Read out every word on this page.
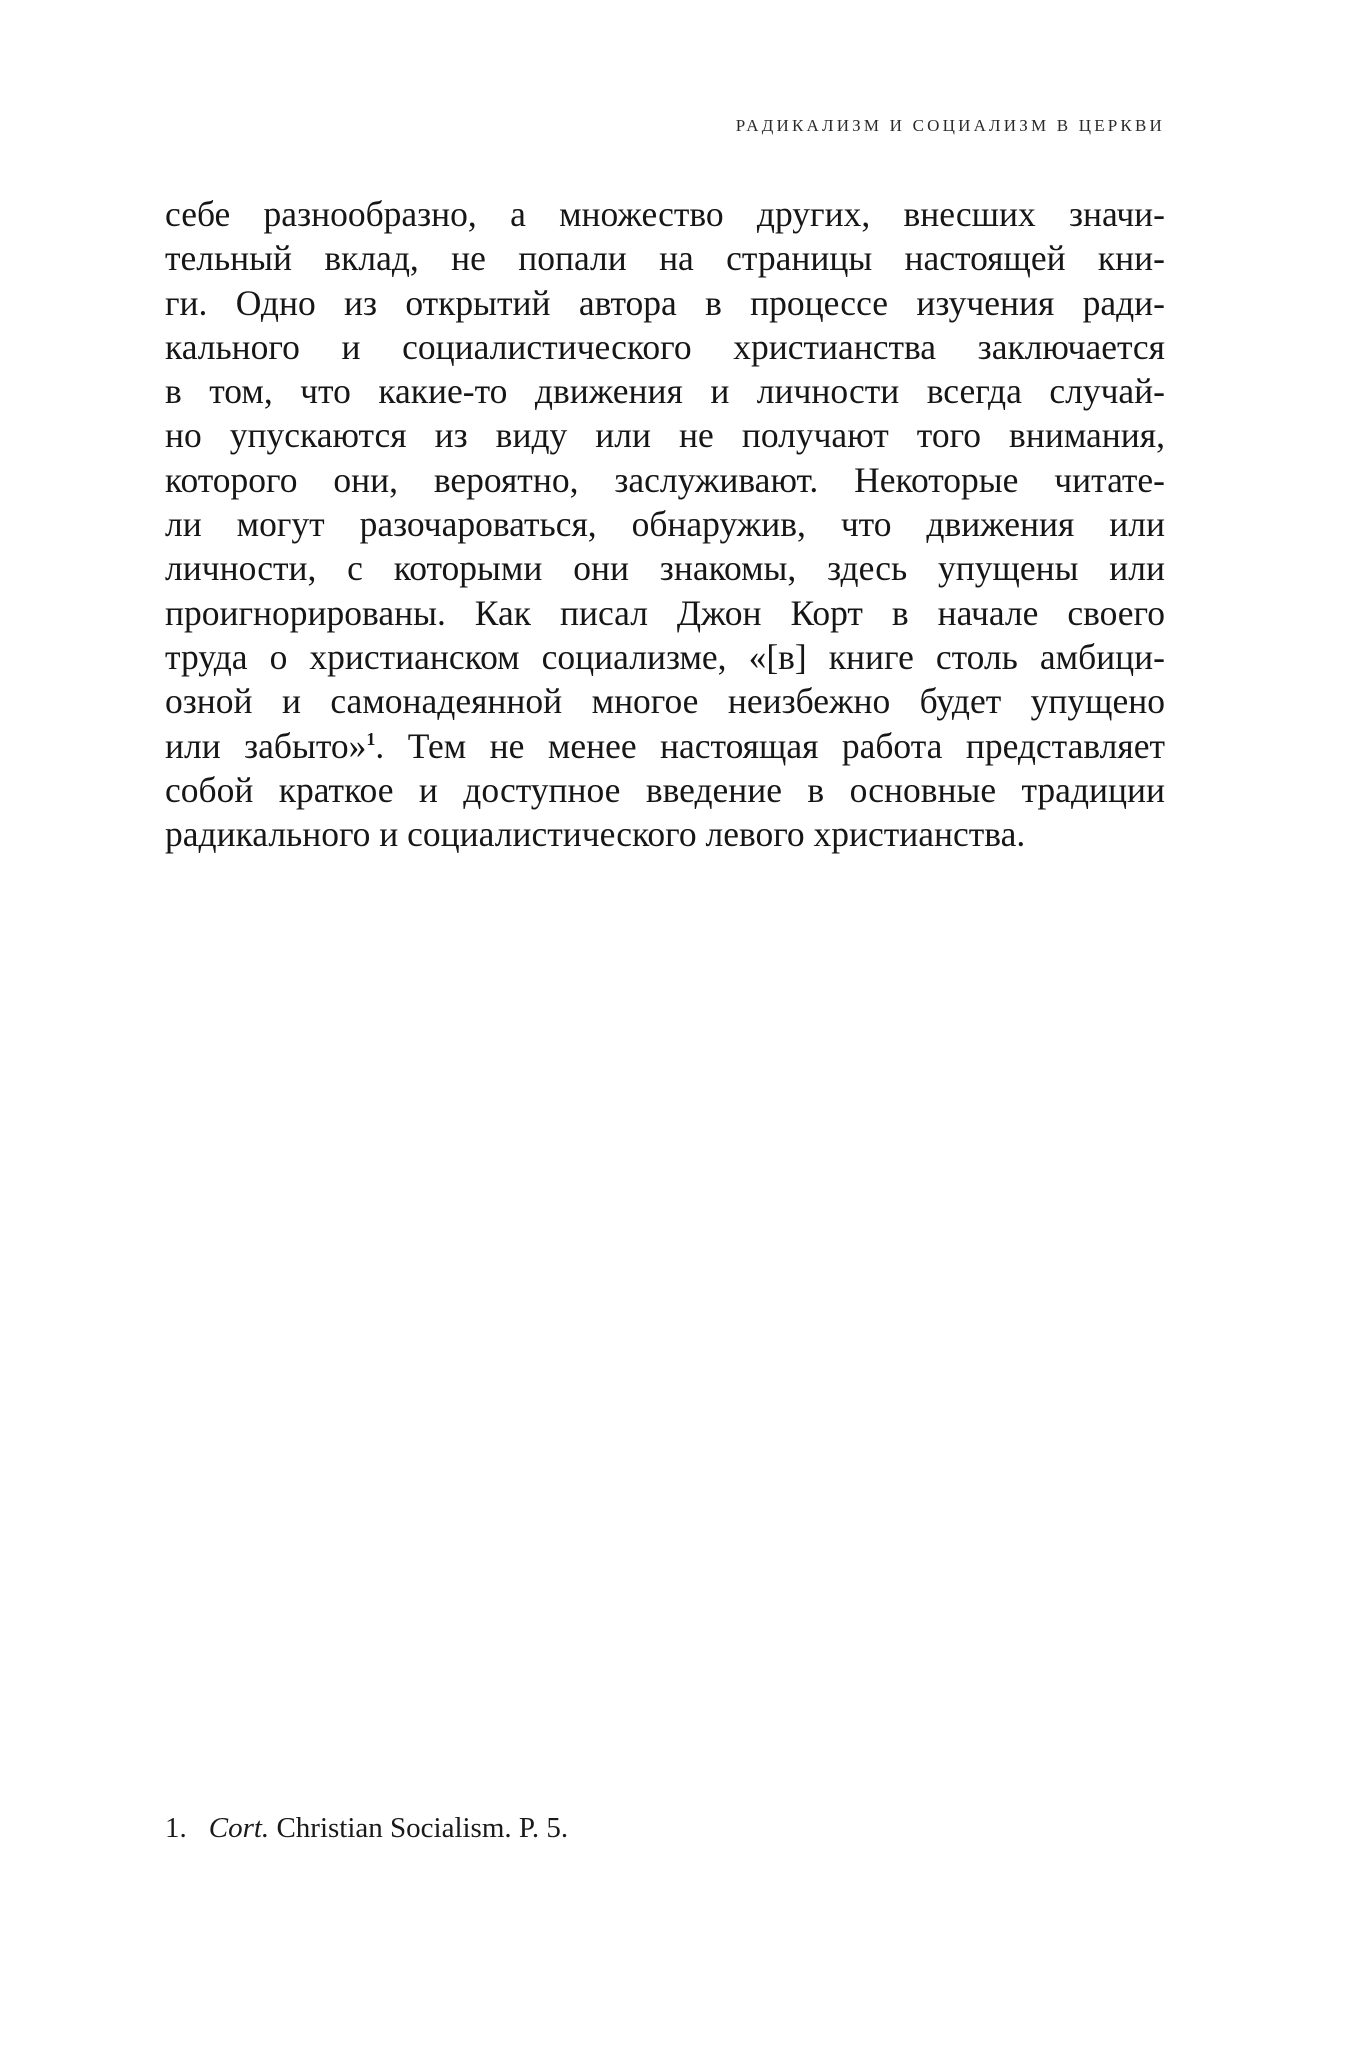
РАДИКАЛИЗМ И СОЦИАЛИЗМ В ЦЕРКВИ
себе разнообразно, а множество других, внесших значи-
тельный вклад, не попали на страницы настоящей кни-
ги. Одно из открытий автора в процессе изучения ради-
кального и социалистического христианства заключается
в том, что какие-то движения и личности всегда случай-
но упускаются из виду или не получают того внимания,
которого они, вероятно, заслуживают. Некоторые читате-
ли могут разочароваться, обнаружив, что движения или
личности, с которыми они знакомы, здесь упущены или
проигнорированы. Как писал Джон Корт в начале своего
труда о христианском социализме, «[в] книге столь амбици-
озной и самонадеянной многое неизбежно будет упущено
или забыто»$^1$. Тем не менее настоящая работа представляет
собой краткое и доступное введение в основные традиции
радикального и социалистического левого христианства.
1. Cort. Christian Socialism. P. 5.
